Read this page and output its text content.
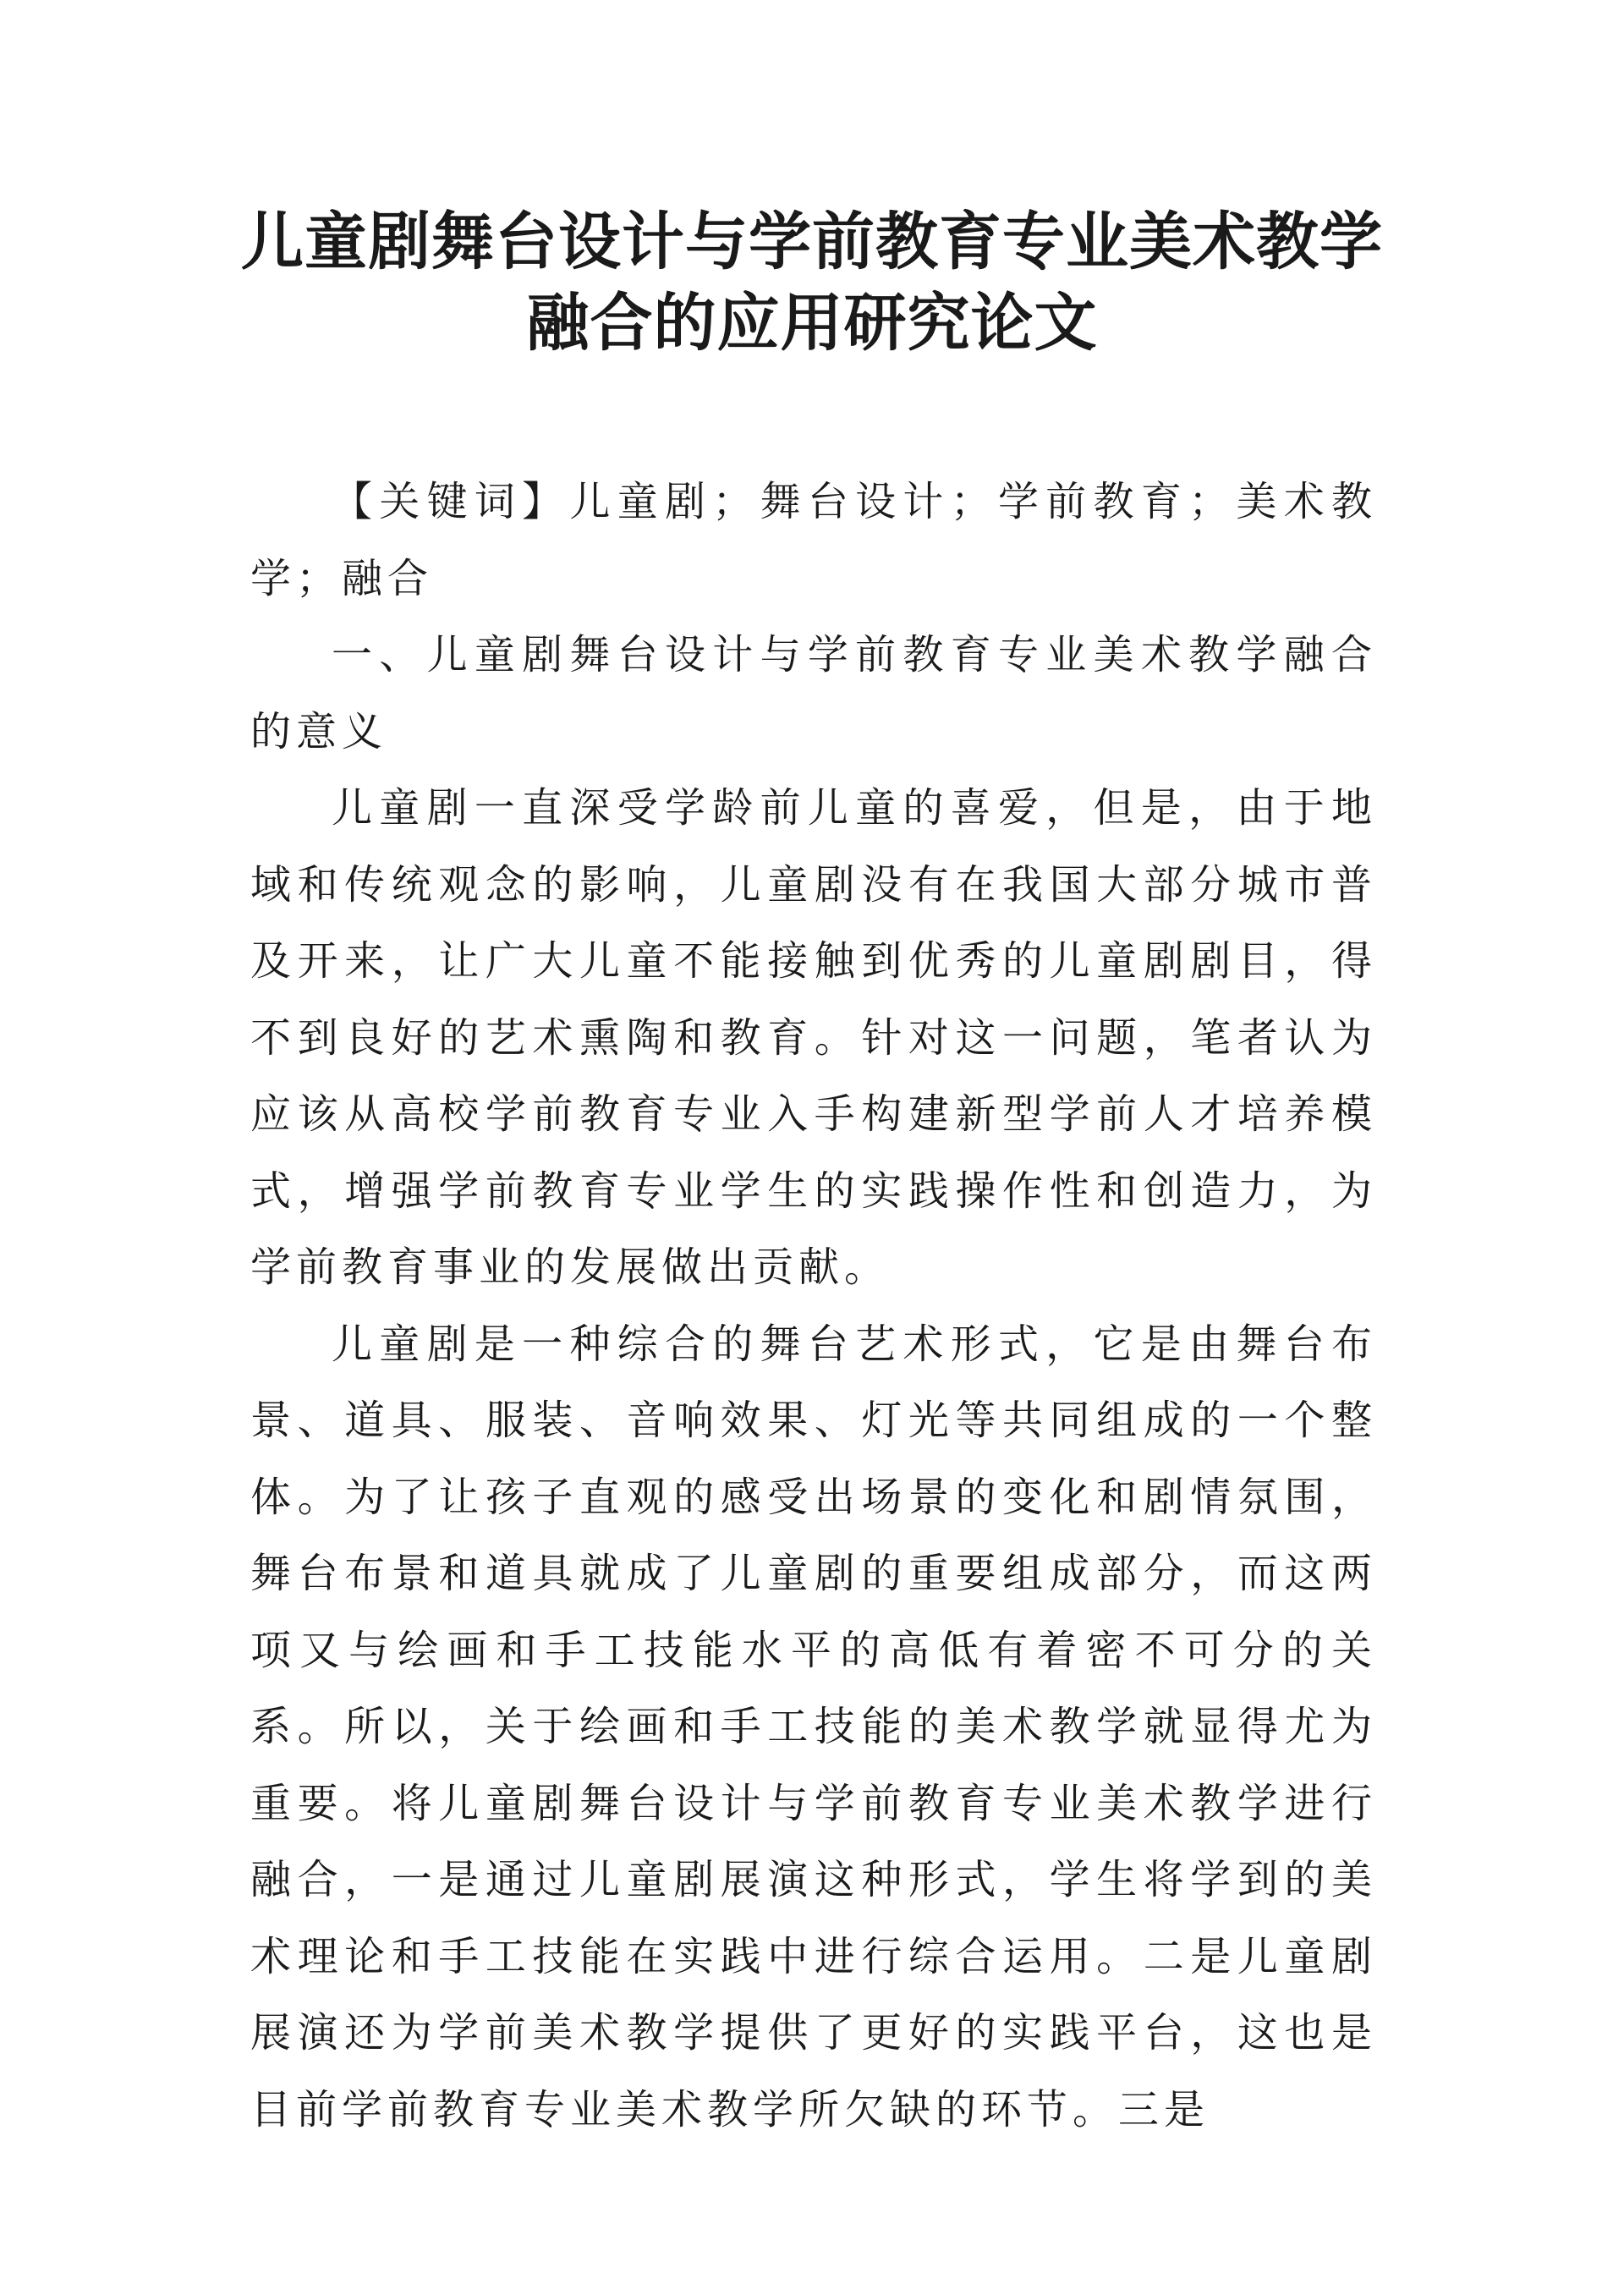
儿童剧舞台设计与学前教育专业美术教学
融合的应用研究论文

【关键词】儿童剧；舞台设计；学前教育；美术教学；融合

一、儿童剧舞台设计与学前教育专业美术教学融合的意义

儿童剧一直深受学龄前儿童的喜爱，但是，由于地域和传统观念的影响，儿童剧没有在我国大部分城市普及开来，让广大儿童不能接触到优秀的儿童剧剧目，得不到良好的艺术熏陶和教育。针对这一问题，笔者认为应该从高校学前教育专业入手构建新型学前人才培养模式，增强学前教育专业学生的实践操作性和创造力，为学前教育事业的发展做出贡献。

儿童剧是一种综合的舞台艺术形式，它是由舞台布景、道具、服装、音响效果、灯光等共同组成的一个整体。为了让孩子直观的感受出场景的变化和剧情氛围，舞台布景和道具就成了儿童剧的重要组成部分，而这两项又与绘画和手工技能水平的高低有着密不可分的关系。所以，关于绘画和手工技能的美术教学就显得尤为重要。将儿童剧舞台设计与学前教育专业美术教学进行融合，一是通过儿童剧展演这种形式，学生将学到的美术理论和手工技能在实践中进行综合运用。二是儿童剧展演还为学前美术教学提供了更好的实践平台，这也是目前学前教育专业美术教学所欠缺的环节。三是
